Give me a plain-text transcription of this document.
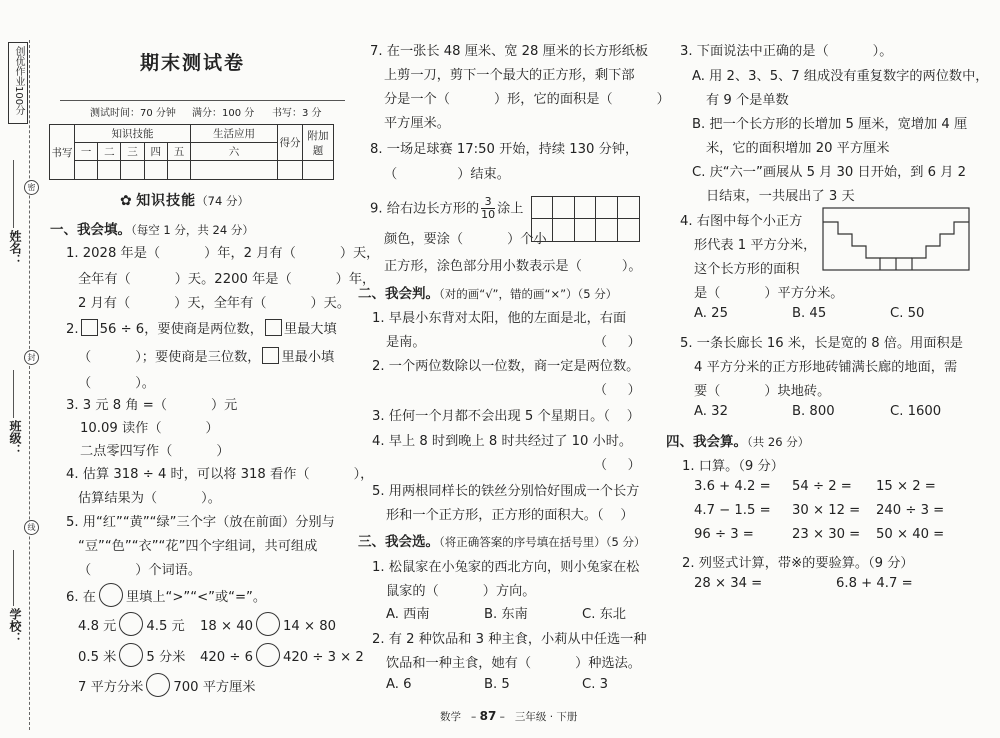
创优作业100分
密
封
线
姓名：
班级：
学校：
期末测试卷
测试时间：70 分钟 满分：100 分 书写：3 分
书写	知识技能					生活应用	得分	附加题
	一	二	三	四	五	六		

✿ 知识技能（74 分）
一、我会填。（每空 1 分，共 24 分）
1. 2028 年是（	）年，2 月有（	）天，
全年有（	）天。2200 年是（	）年，
2 月有（	）天，全年有（	）天。
2. 56 ÷ 6，要使商是两位数， 里最大填
（	）；要使商是三位数， 里最小填
（	）。
3. 3 元 8 角 =（	）元
10.09 读作（	）
二点零四写作（	）
4. 估算 318 ÷ 4 时，可以将 318 看作（	），
估算结果为（	）。
5. 用“红”“黄”“绿”三个字（放在前面）分别与
“豆”“色”“衣”“花”四个字组词，共可组成
（	）个词语。
6. 在 里填上“>”“<”或“=”。
4.8 元 4.5 元 18 × 40 14 × 80
0.5 米 5 分米 420 ÷ 6 420 ÷ 3 × 2
7 平方分米 700 平方厘米
7. 在一张长 48 厘米、宽 28 厘米的长方形纸板
上剪一刀，剪下一个最大的正方形，剩下部
分是一个（	）形，它的面积是（	）
平方厘米。
8. 一场足球赛 17:50 开始，持续 130 分钟，
（	）结束。
9. 给右边长方形的 $\frac{3}{10}$ 涂上
颜色，要涂（	）个小
正方形，涂色部分用小数表示是（	）。
二、我会判。（对的画“√”，错的画“×”）（5 分）
1. 早晨小东背对太阳，他的左面是北，右面
是南。	（     ）
2. 一个两位数除以一位数，商一定是两位数。
（     ）
3. 任何一个月都不会出现 5 个星期日。（    ）
4. 早上 8 时到晚上 8 时共经过了 10 小时。
（     ）
5. 用两根同样长的铁丝分别恰好围成一个长方
形和一个正方形，正方形的面积大。（    ）
三、我会选。（将正确答案的序号填在括号里）（5 分）
1. 松鼠家在小兔家的西北方向，则小兔家在松
鼠家的（	）方向。
A. 西南	B. 东南	C. 东北
2. 有 2 种饮品和 3 种主食，小莉从中任选一种
饮品和一种主食，她有（	）种选法。
A. 6	B. 5	C. 3
3. 下面说法中正确的是（	）。
A. 用 2、3、5、7 组成没有重复数字的两位数中，
有 9 个是单数
B. 把一个长方形的长增加 5 厘米，宽增加 4 厘
米，它的面积增加 20 平方厘米
C. 庆“六一”画展从 5 月 30 日开始，到 6 月 2
日结束，一共展出了 3 天
4. 右图中每个小正方
形代表 1 平方分米，
这个长方形的面积
是（	）平方分米。
A. 25	B. 45	C. 50
5. 一条长廊长 16 米，长是宽的 8 倍。用面积是
4 平方分米的正方形地砖铺满长廊的地面，需
要（	）块地砖。
A. 32	B. 800	C. 1600
四、我会算。（共 26 分）
1. 口算。（9 分）
3.6 + 4.2 = 54 ÷ 2 = 15 × 2 =
4.7 − 1.5 = 30 × 12 = 240 ÷ 3 =
96 ÷ 3 =	23 × 30 = 50 × 40 =
2. 列竖式计算，带※的要验算。（9 分）
28 × 34 =	6.8 + 4.7 =
数学   – 87 –   三年级 · 下册
